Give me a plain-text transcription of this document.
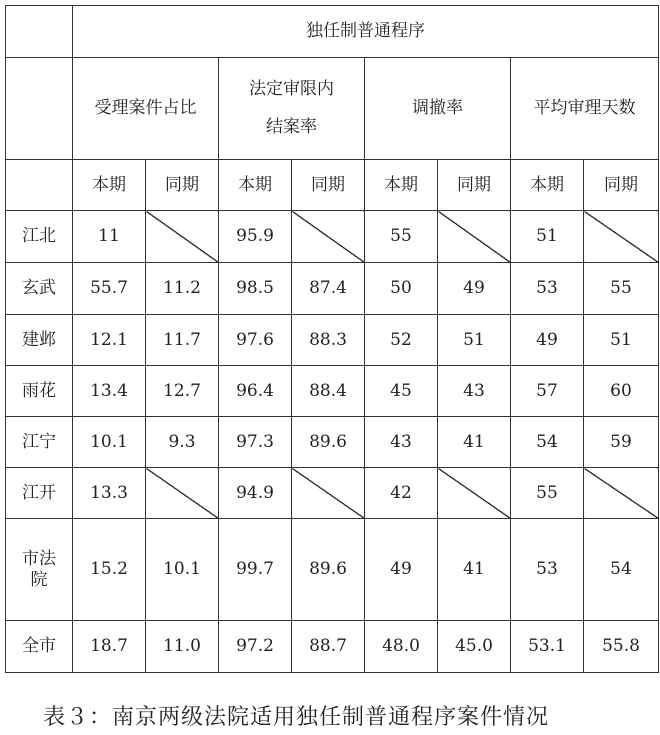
	独任制普通程序							
	受理案件占比		法定审限内结案率		调撤率		平均审理天数	
	本期	同期	本期	同期	本期	同期	本期	同期
江北	11		95.9		55		51	
玄武	55.7	11.2	98.5	87.4	50	49	53	55
建邺	12.1	11.7	97.6	88.3	52	51	49	51
雨花	13.4	12.7	96.4	88.4	45	43	57	60
江宁	10.1	9.3	97.3	89.6	43	41	54	59
江开	13.3		94.9		42		55	
市法院	15.2	10.1	99.7	89.6	49	41	53	54
全市	18.7	11.0	97.2	88.7	48.0	45.0	53.1	55.8
表３：南京两级法院适用独任制普通程序案件情况
